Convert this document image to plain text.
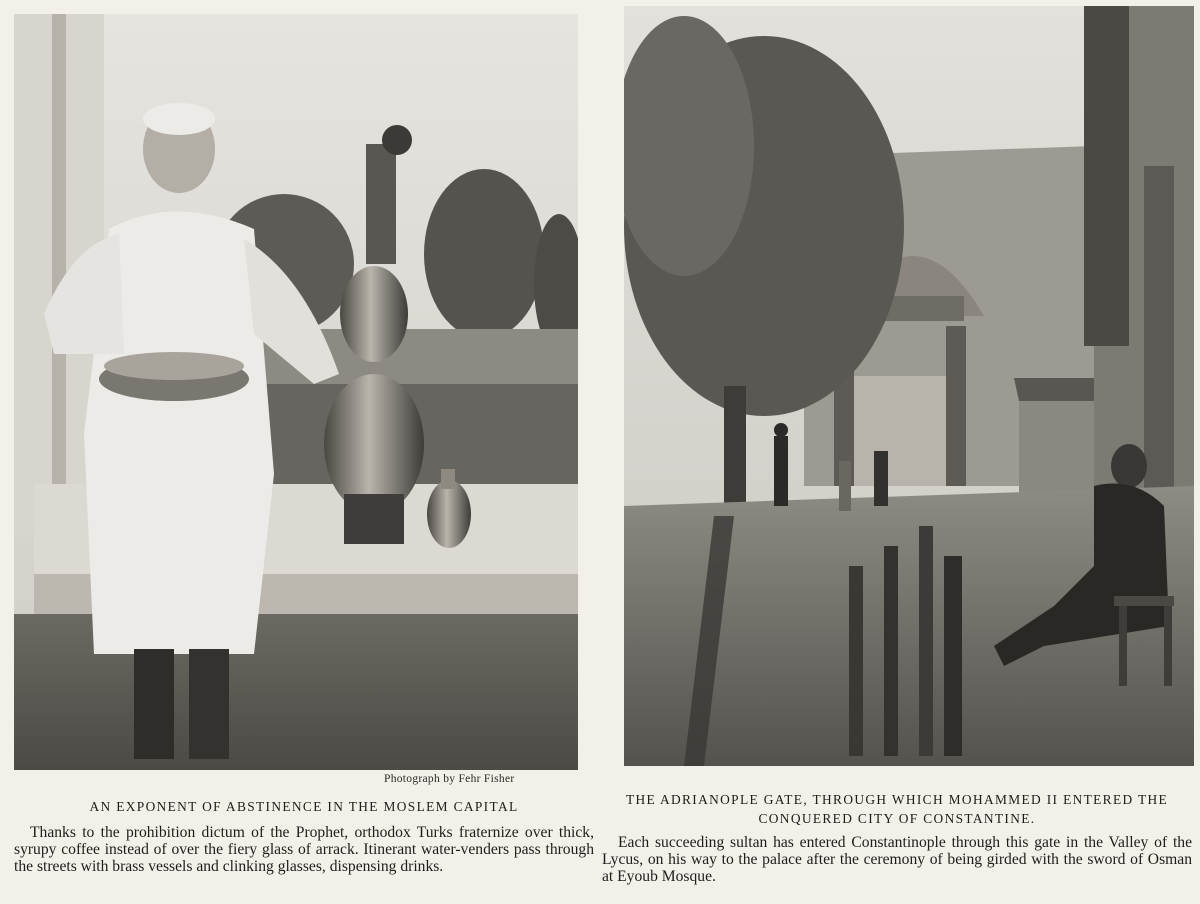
Photograph by Fehr Fisher
AN EXPONENT OF ABSTINENCE IN THE MOSLEM CAPITAL

Thanks to the prohibition dictum of the Prophet, orthodox Turks fraternize over thick, syrupy coffee instead of over the fiery glass of arrack. Itinerant water-venders pass through the streets with brass vessels and clinking glasses, dispensing drinks.

THE ADRIANOPLE GATE, THROUGH WHICH MOHAMMED II ENTERED THE CONQUERED CITY OF CONSTANTINE.

Each succeeding sultan has entered Constantinople through this gate in the Valley of the Lycus, on his way to the palace after the ceremony of being girded with the sword of Osman at Eyoub Mosque.
